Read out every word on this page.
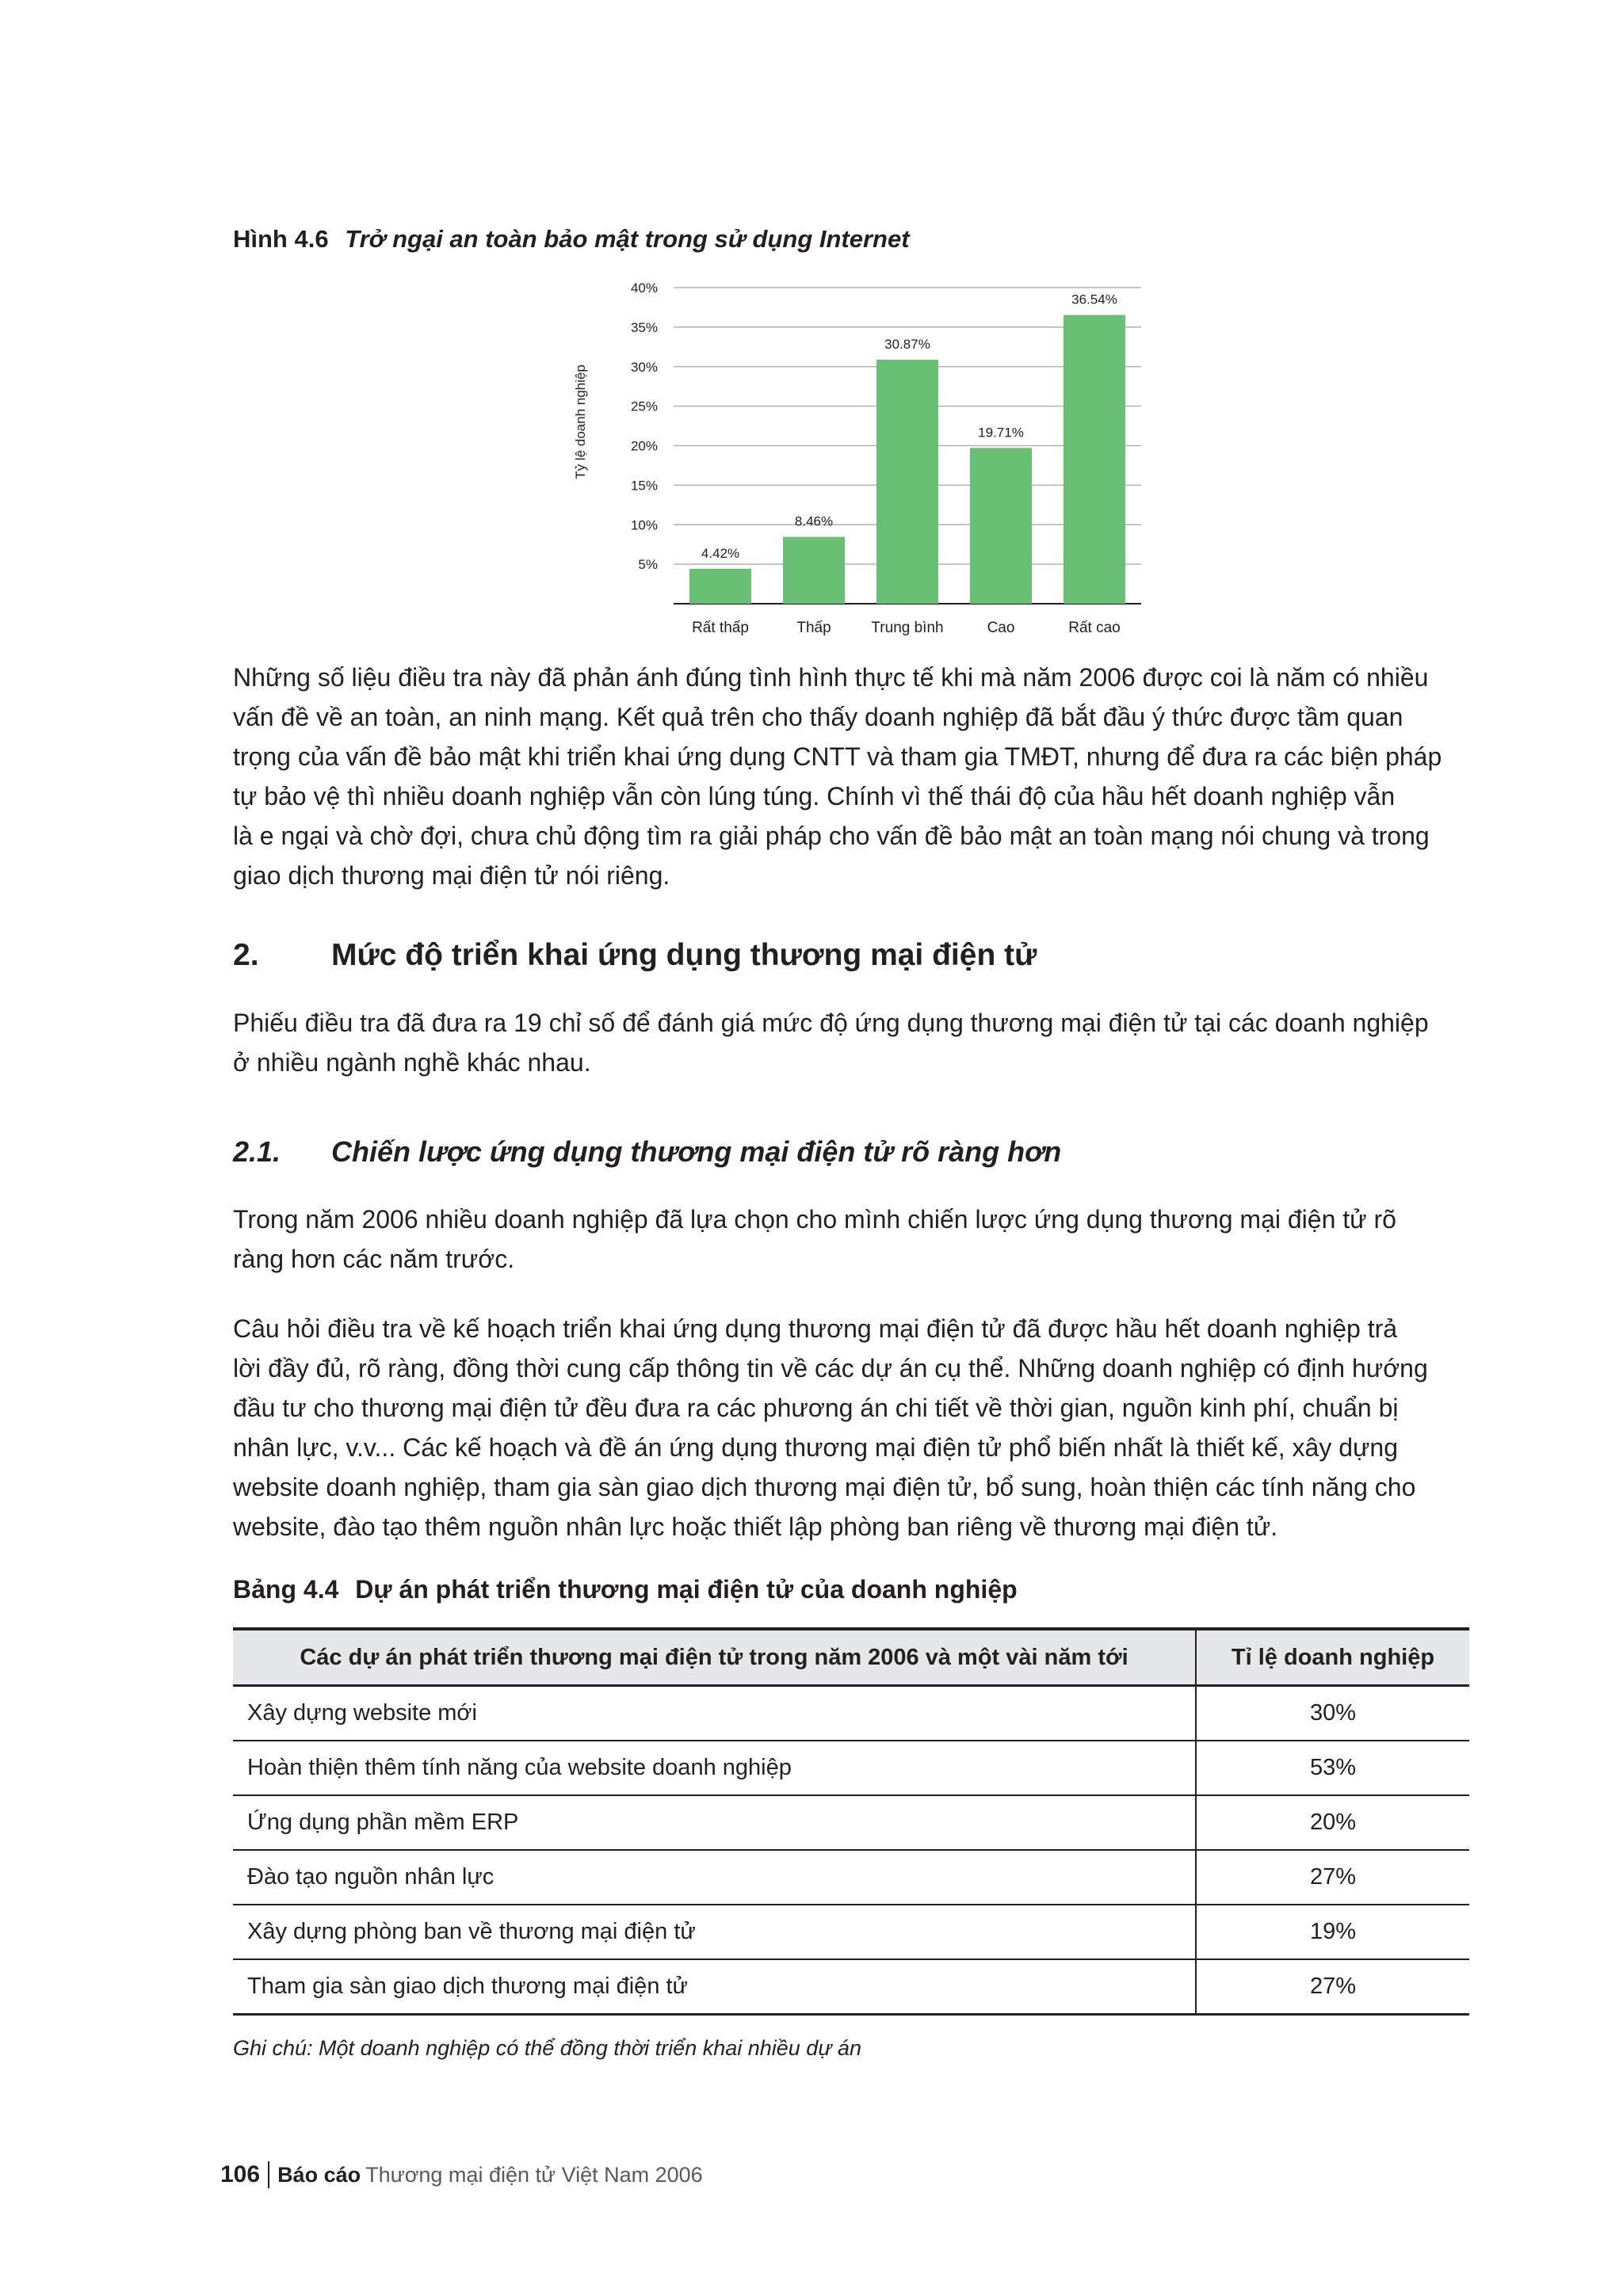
Hình 4.6 Trở ngại an toàn bảo mật trong sử dụng Internet
5%
10%
15%
20%
25%
30%
35%
40%
Tỷ lệ doanh nghiệp
4.42%
Rất thấp
8.46%
Thấp
30.87%
Trung bình
19.71%
Cao
36.54%
Rất cao
Những số liệu điều tra này đã phản ánh đúng tình hình thực tế khi mà năm 2006 được coi là năm có nhiều
vấn đề về an toàn, an ninh mạng. Kết quả trên cho thấy doanh nghiệp đã bắt đầu ý thức được tầm quan
trọng của vấn đề bảo mật khi triển khai ứng dụng CNTT và tham gia TMĐT, nhưng để đưa ra các biện pháp
tự bảo vệ thì nhiều doanh nghiệp vẫn còn lúng túng. Chính vì thế thái độ của hầu hết doanh nghiệp vẫn
là e ngại và chờ đợi, chưa chủ động tìm ra giải pháp cho vấn đề bảo mật an toàn mạng nói chung và trong
giao dịch thương mại điện tử nói riêng.
2. Mức độ triển khai ứng dụng thương mại điện tử
Phiếu điều tra đã đưa ra 19 chỉ số để đánh giá mức độ ứng dụng thương mại điện tử tại các doanh nghiệp
ở nhiều ngành nghề khác nhau.
2.1. Chiến lược ứng dụng thương mại điện tử rõ ràng hơn
Trong năm 2006 nhiều doanh nghiệp đã lựa chọn cho mình chiến lược ứng dụng thương mại điện tử rõ
ràng hơn các năm trước.
Câu hỏi điều tra về kế hoạch triển khai ứng dụng thương mại điện tử đã được hầu hết doanh nghiệp trả
lời đầy đủ, rõ ràng, đồng thời cung cấp thông tin về các dự án cụ thể. Những doanh nghiệp có định hướng
đầu tư cho thương mại điện tử đều đưa ra các phương án chi tiết về thời gian, nguồn kinh phí, chuẩn bị
nhân lực, v.v... Các kế hoạch và đề án ứng dụng thương mại điện tử phổ biến nhất là thiết kế, xây dựng
website doanh nghiệp, tham gia sàn giao dịch thương mại điện tử, bổ sung, hoàn thiện các tính năng cho
website, đào tạo thêm nguồn nhân lực hoặc thiết lập phòng ban riêng về thương mại điện tử.
Bảng 4.4 Dự án phát triển thương mại điện tử của doanh nghiệp
Các dự án phát triển thương mại điện tử trong năm 2006 và một vài năm tới	Tỉ lệ doanh nghiệp
Xây dựng website mới	30%
Hoàn thiện thêm tính năng của website doanh nghiệp	53%
Ứng dụng phần mềm ERP	20%
Đào tạo nguồn nhân lực	27%
Xây dựng phòng ban về thương mại điện tử	19%
Tham gia sàn giao dịch thương mại điện tử	27%
Ghi chú: Một doanh nghiệp có thể đồng thời triển khai nhiều dự án
106 Báo cáo Thương mại điện tử Việt Nam 2006
